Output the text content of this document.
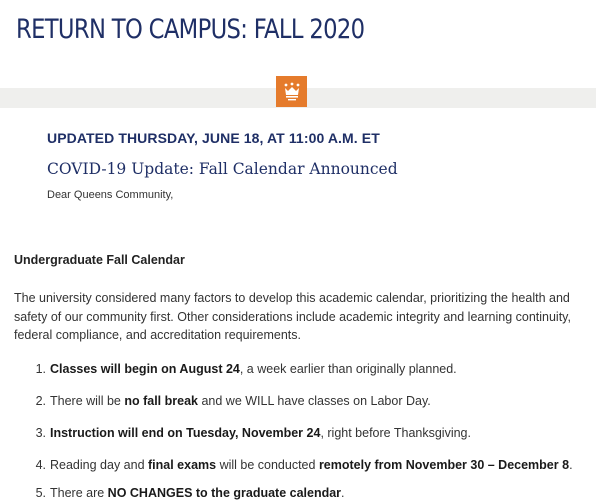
RETURN TO CAMPUS: FALL 2020
UPDATED THURSDAY, JUNE 18, AT 11:00 A.M. ET
COVID-19 Update: Fall Calendar Announced

Dear Queens Community,

Undergraduate Fall Calendar

The university considered many factors to develop this academic calendar, prioritizing the health and safety of our community first. Other considerations include academic integrity and learning continuity, federal compliance, and accreditation requirements.

1. Classes will begin on August 24, a week earlier than originally planned.
2. There will be no fall break and we WILL have classes on Labor Day.
3. Instruction will end on Tuesday, November 24, right before Thanksgiving.
4. Reading day and final exams will be conducted remotely from November 30 – December 8.
5. There are NO CHANGES to the graduate calendar.
